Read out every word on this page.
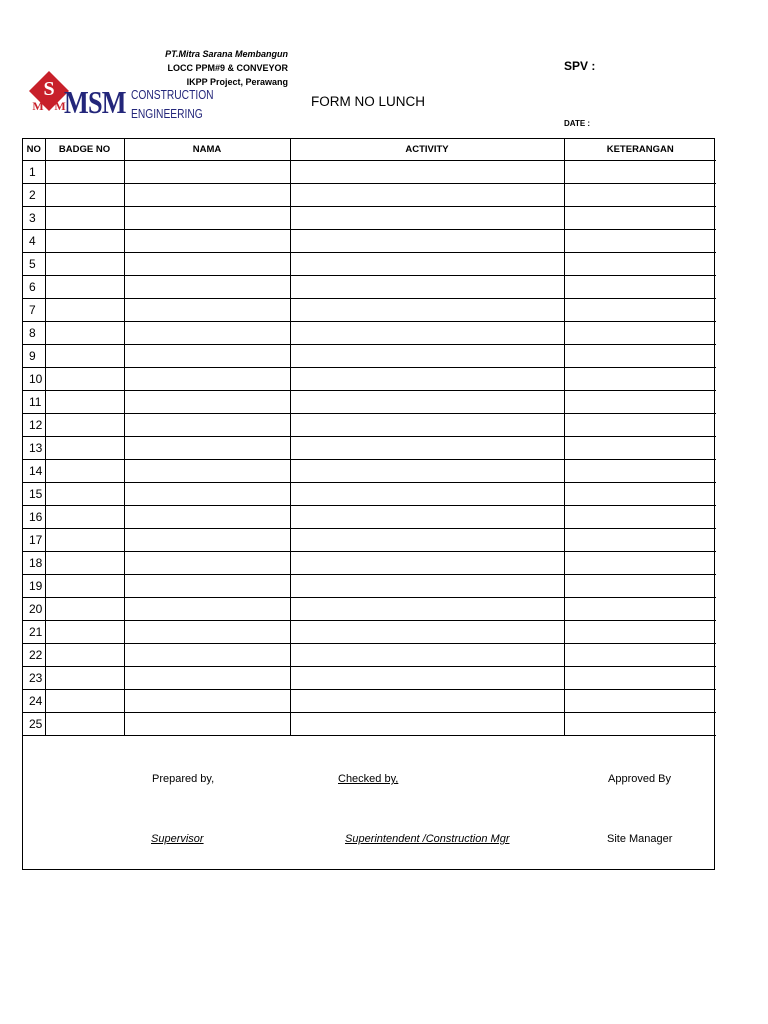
PT.Mitra Sarana Membangun
LOCC PPM#9 & CONVEYOR
IKPP Project, Perawang
S
M M
MSM CONSTRUCTION
ENGINEERING
FORM NO LUNCH
SPV :
DATE :
NO	BADGE NO	NAMA	ACTIVITY	KETERANGAN
1				
2				
3				
4				
5				
6				
7				
8				
9				
10				
11				
12				
13				
14				
15				
16				
17				
18				
19				
20				
21				
22				
23				
24				
25				
Prepared by,	Checked by,	Approved By
Supervisor	Superintendent /Construction Mgr	Site Manager
